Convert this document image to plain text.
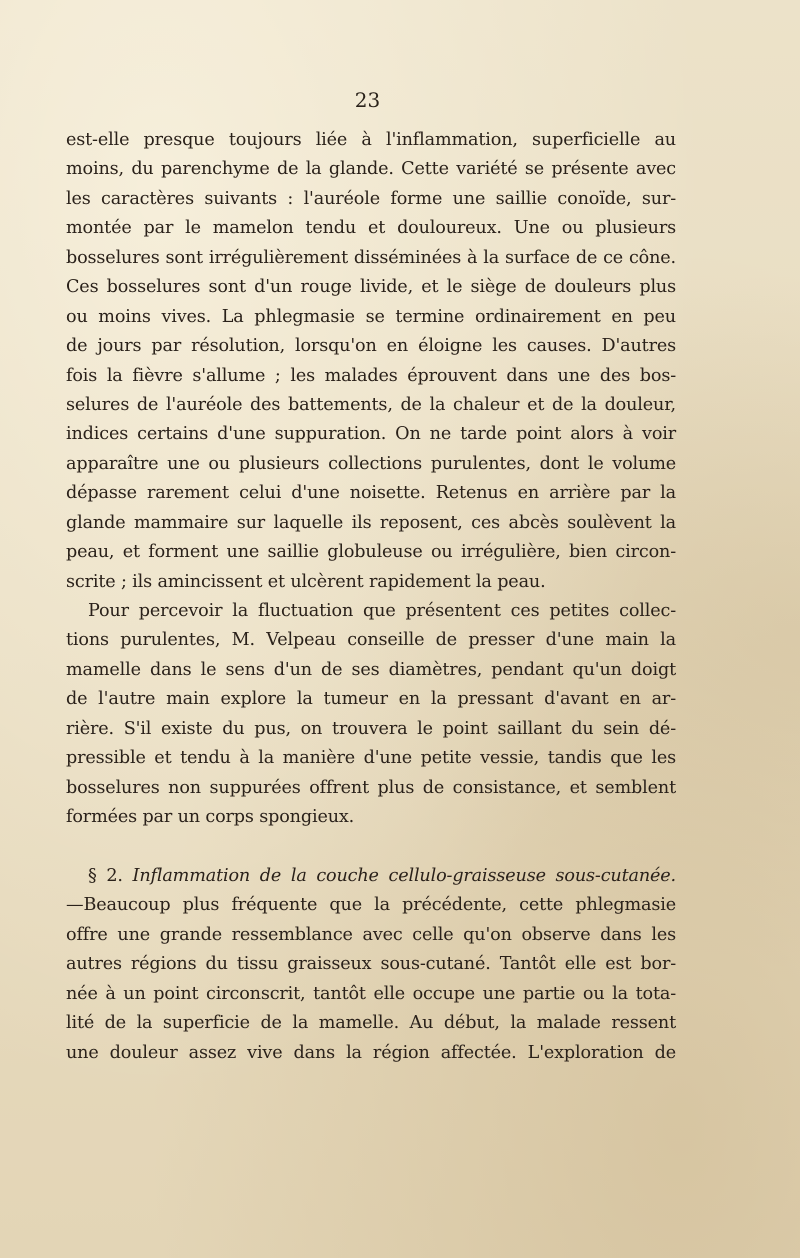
23
est-elle presque toujours liée à l'inflammation, superficielle au
moins, du parenchyme de la glande. Cette variété se présente avec
les caractères suivants : l'auréole forme une saillie conoïde, sur-
montée par le mamelon tendu et douloureux. Une ou plusieurs
bosselures sont irrégulièrement disséminées à la surface de ce cône.
Ces bosselures sont d'un rouge livide, et le siège de douleurs plus
ou moins vives. La phlegmasie se termine ordinairement en peu
de jours par résolution, lorsqu'on en éloigne les causes. D'autres
fois la fièvre s'allume ; les malades éprouvent dans une des bos-
selures de l'auréole des battements, de la chaleur et de la douleur,
indices certains d'une suppuration. On ne tarde point alors à voir
apparaître une ou plusieurs collections purulentes, dont le volume
dépasse rarement celui d'une noisette. Retenus en arrière par la
glande mammaire sur laquelle ils reposent, ces abcès soulèvent la
peau, et forment une saillie globuleuse ou irrégulière, bien circon-
scrite ; ils amincissent et ulcèrent rapidement la peau.
Pour percevoir la fluctuation que présentent ces petites collec-
tions purulentes, M. Velpeau conseille de presser d'une main la
mamelle dans le sens d'un de ses diamètres, pendant qu'un doigt
de l'autre main explore la tumeur en la pressant d'avant en ar-
rière. S'il existe du pus, on trouvera le point saillant du sein dé-
pressible et tendu à la manière d'une petite vessie, tandis que les
bosselures non suppurées offrent plus de consistance, et semblent
formées par un corps spongieux.
§ 2. Inflammation de la couche cellulo-graisseuse sous-cutanée.
—Beaucoup plus fréquente que la précédente, cette phlegmasie
offre une grande ressemblance avec celle qu'on observe dans les
autres régions du tissu graisseux sous-cutané. Tantôt elle est bor-
née à un point circonscrit, tantôt elle occupe une partie ou la tota-
lité de la superficie de la mamelle. Au début, la malade ressent
une douleur assez vive dans la région affectée. L'exploration de
